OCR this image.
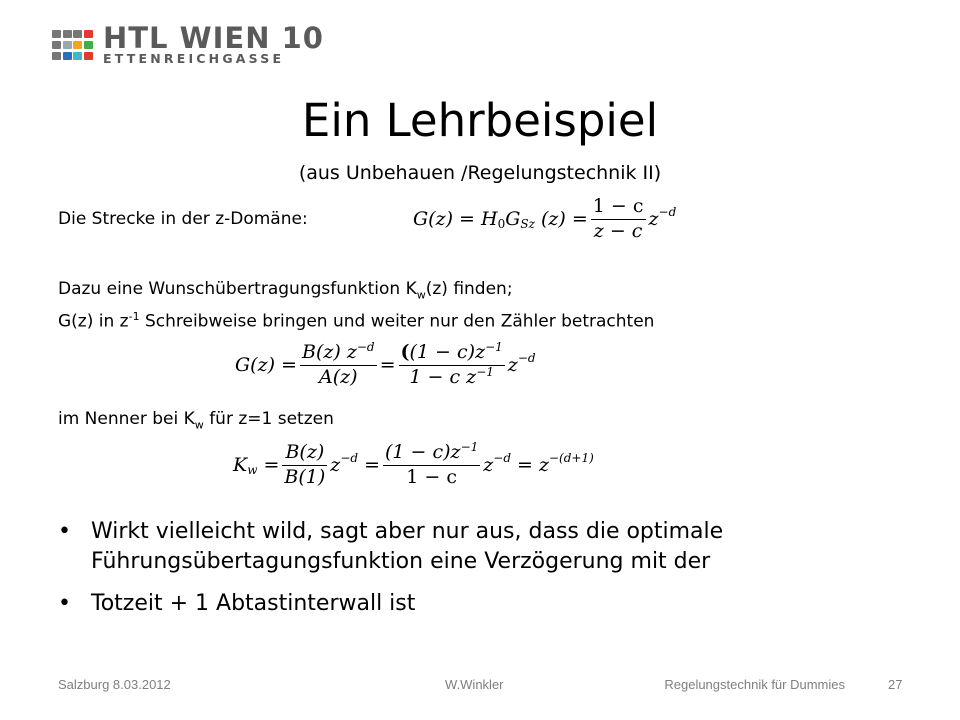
HTL WIEN 10
ETTENREICHGASSE
Ein Lehrbeispiel
(aus Unbehauen /Regelungstechnik II)
Die Strecke in der z-Domäne:	$G(z) = H_0$ $G_{Sz}$ $(z) = \frac{1 - c}{z - c} z^{-d}$
Dazu eine Wunschübertragungsfunktion $K_w(z)$ finden;
G(z) in $z^{-1}$ Schreibweise bringen und weiter nur den Zähler betrachten
$G(z) = \frac{B(z) z^{-d}}{A(z)} = \frac{((1 - c)z^{-1}}{1 - c z^{-1}} z^{-d}$
im Nenner bei $K_w$ für z=1 setzen
$K_w = \frac{B(z)}{B(1)} z^{-d} = \frac{(1 - c)z^{-1}}{1 - c} z^{-d} = z^{-(d+1)}$
• Wirkt vielleicht wild, sagt aber nur aus, dass die optimale
Führungsübertagungsfunktion eine Verzögerung mit der
• Totzeit + 1 Abtastinterwall ist
Salzburg 8.03.2012	W.Winkler	Regelungstechnik für Dummies	27
